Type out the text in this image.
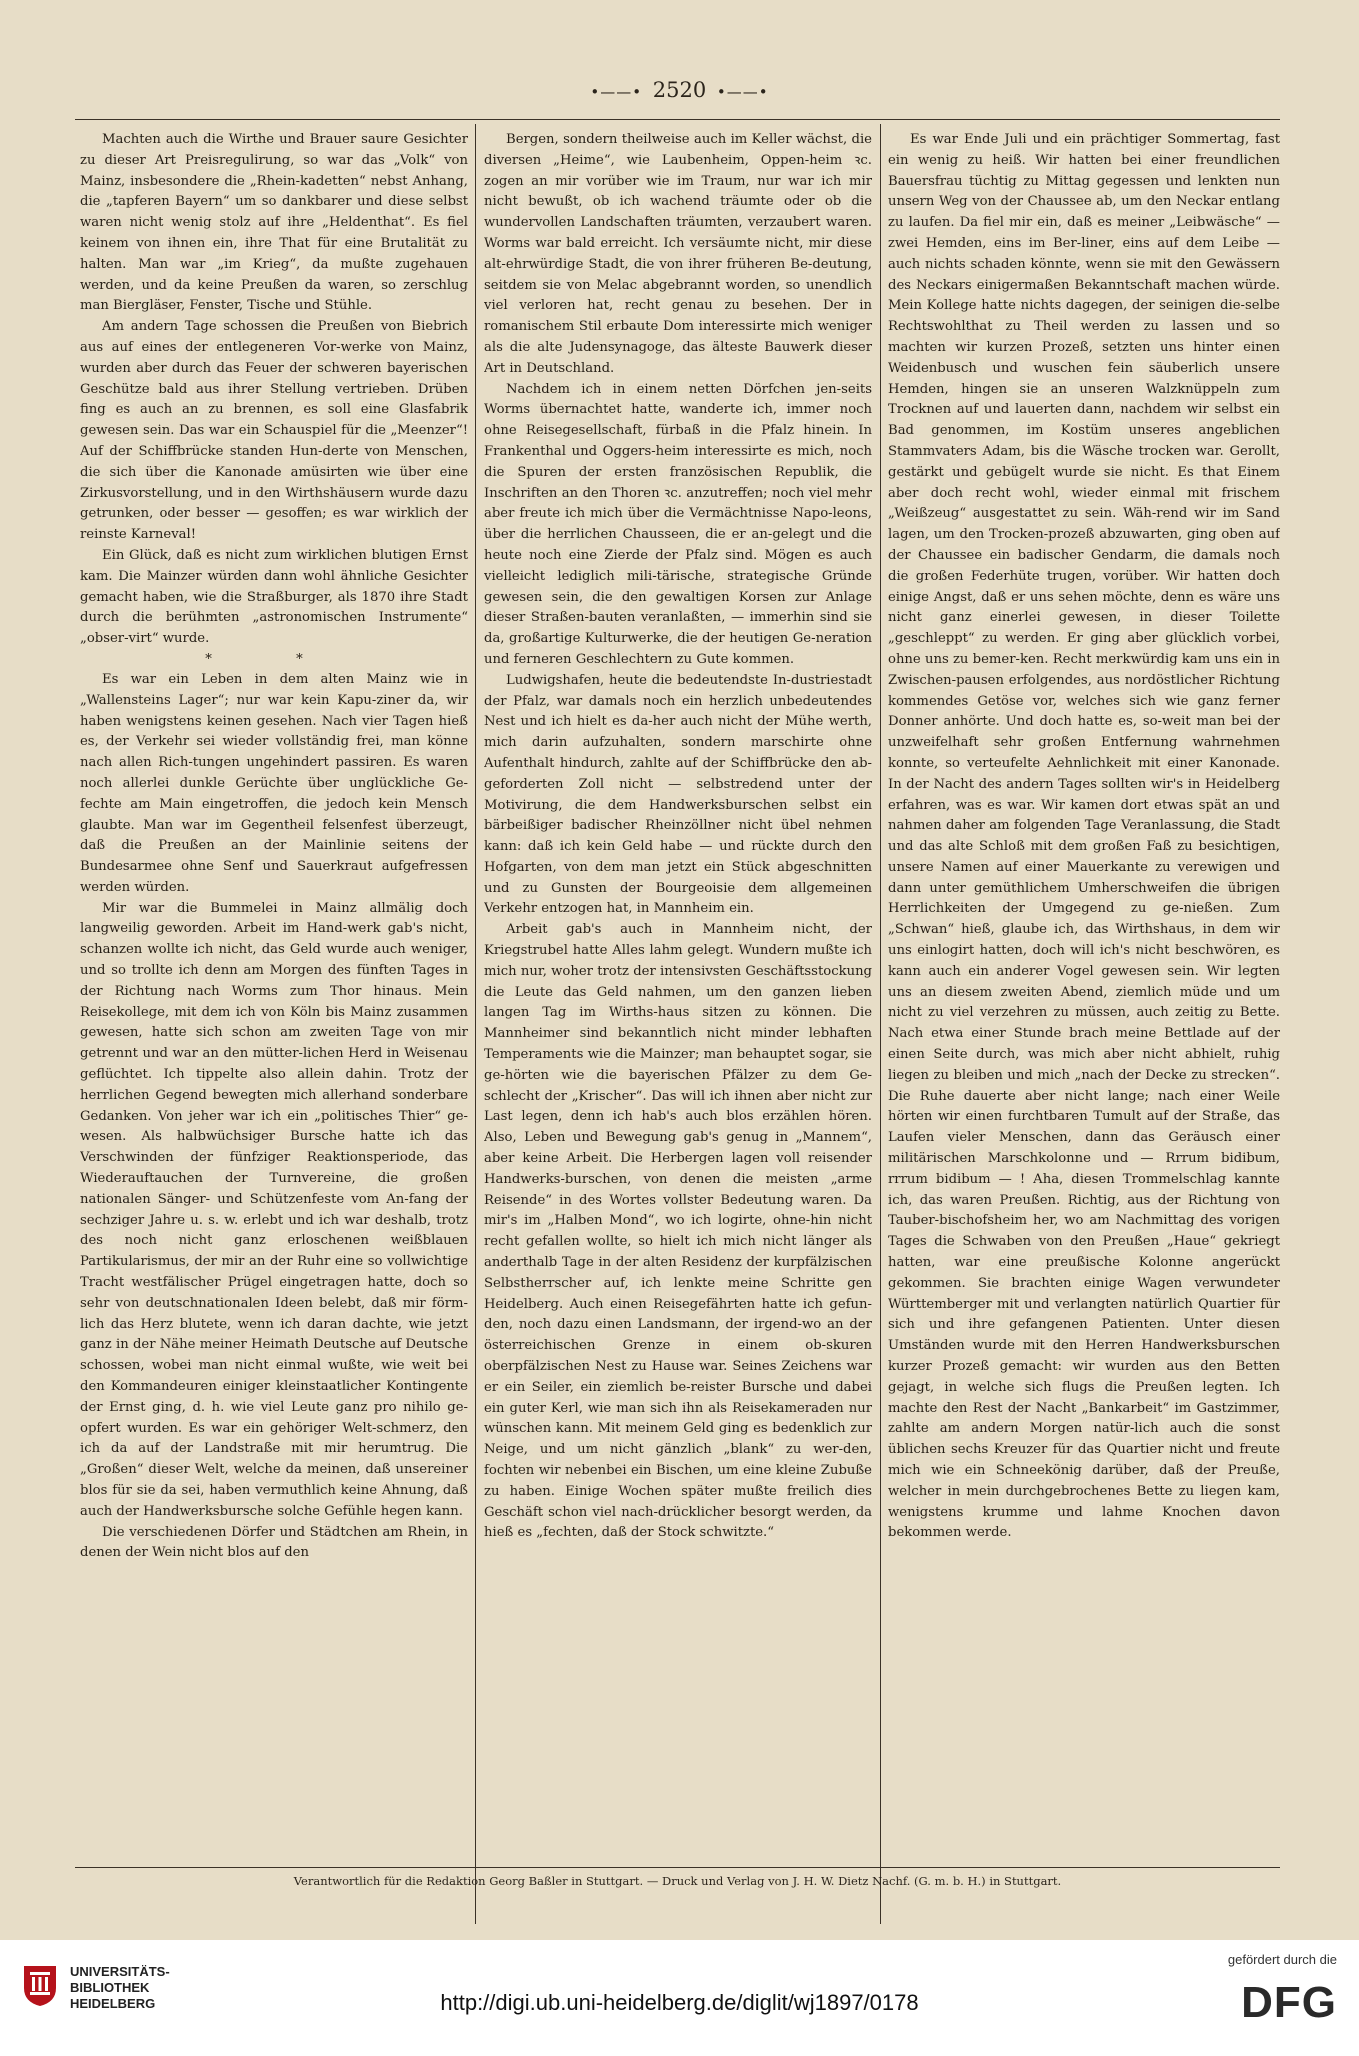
•——• 2520 •——•

Machten auch die Wirthe und Brauer saure Gesichter zu dieser Art Preisregulirung, so war das „Volk“ von Mainz, insbesondere die „Rhein-kadetten“ nebst Anhang, die „tapferen Bayern“ um so dankbarer und diese selbst waren nicht wenig stolz auf ihre „Heldenthat“. Es fiel keinem von ihnen ein, ihre That für eine Brutalität zu halten. Man war „im Krieg“, da mußte zugehauen werden, und da keine Preußen da waren, so zerschlug man Biergläser, Fenster, Tische und Stühle.

Am andern Tage schossen die Preußen von Biebrich aus auf eines der entlegeneren Vor-werke von Mainz, wurden aber durch das Feuer der schweren bayerischen Geschütze bald aus ihrer Stellung vertrieben. Drüben fing es auch an zu brennen, es soll eine Glasfabrik gewesen sein. Das war ein Schauspiel für die „Meenzer“! Auf der Schiffbrücke standen Hun-derte von Menschen, die sich über die Kanonade amüsirten wie über eine Zirkusvorstellung, und in den Wirthshäusern wurde dazu getrunken, oder besser — gesoffen; es war wirklich der reinste Karneval!

Ein Glück, daß es nicht zum wirklichen blutigen Ernst kam. Die Mainzer würden dann wohl ähnliche Gesichter gemacht haben, wie die Straßburger, als 1870 ihre Stadt durch die berühmten „astronomischen Instrumente“ „obser-virt“ wurde.

* *

Es war ein Leben in dem alten Mainz wie in „Wallensteins Lager“; nur war kein Kapu-ziner da, wir haben wenigstens keinen gesehen. Nach vier Tagen hieß es, der Verkehr sei wieder vollständig frei, man könne nach allen Rich-tungen ungehindert passiren. Es waren noch allerlei dunkle Gerüchte über unglückliche Ge-fechte am Main eingetroffen, die jedoch kein Mensch glaubte. Man war im Gegentheil felsenfest überzeugt, daß die Preußen an der Mainlinie seitens der Bundesarmee ohne Senf und Sauerkraut aufgefressen werden würden.

Mir war die Bummelei in Mainz allmälig doch langweilig geworden. Arbeit im Hand-werk gab's nicht, schanzen wollte ich nicht, das Geld wurde auch weniger, und so trollte ich denn am Morgen des fünften Tages in der Richtung nach Worms zum Thor hinaus. Mein Reisekollege, mit dem ich von Köln bis Mainz zusammen gewesen, hatte sich schon am zweiten Tage von mir getrennt und war an den mütter-lichen Herd in Weisenau geflüchtet. Ich tippelte also allein dahin. Trotz der herrlichen Gegend bewegten mich allerhand sonderbare Gedanken. Von jeher war ich ein „politisches Thier“ ge-wesen. Als halbwüchsiger Bursche hatte ich das Verschwinden der fünfziger Reaktionsperiode, das Wiederauftauchen der Turnvereine, die großen nationalen Sänger- und Schützenfeste vom An-fang der sechziger Jahre u. s. w. erlebt und ich war deshalb, trotz des noch nicht ganz erloschenen weißblauen Partikularismus, der mir an der Ruhr eine so vollwichtige Tracht westfälischer Prügel eingetragen hatte, doch so sehr von deutschnationalen Ideen belebt, daß mir förm-lich das Herz blutete, wenn ich daran dachte, wie jetzt ganz in der Nähe meiner Heimath Deutsche auf Deutsche schossen, wobei man nicht einmal wußte, wie weit bei den Kommandeuren einiger kleinstaatlicher Kontingente der Ernst ging, d. h. wie viel Leute ganz pro nihilo ge-opfert wurden. Es war ein gehöriger Welt-schmerz, den ich da auf der Landstraße mit mir herumtrug. Die „Großen“ dieser Welt, welche da meinen, daß unsereiner blos für sie da sei, haben vermuthlich keine Ahnung, daß auch der Handwerksbursche solche Gefühle hegen kann.

Die verschiedenen Dörfer und Städtchen am Rhein, in denen der Wein nicht blos auf den

Bergen, sondern theilweise auch im Keller wächst, die diversen „Heime“, wie Laubenheim, Oppen-heim ꝛc. zogen an mir vorüber wie im Traum, nur war ich mir nicht bewußt, ob ich wachend träumte oder ob die wundervollen Landschaften träumten, verzaubert waren. Worms war bald erreicht. Ich versäumte nicht, mir diese alt-ehrwürdige Stadt, die von ihrer früheren Be-deutung, seitdem sie von Melac abgebrannt worden, so unendlich viel verloren hat, recht genau zu besehen. Der in romanischem Stil erbaute Dom interessirte mich weniger als die alte Judensynagoge, das älteste Bauwerk dieser Art in Deutschland.

Nachdem ich in einem netten Dörfchen jen-seits Worms übernachtet hatte, wanderte ich, immer noch ohne Reisegesellschaft, fürbaß in die Pfalz hinein. In Frankenthal und Oggers-heim interessirte es mich, noch die Spuren der ersten französischen Republik, die Inschriften an den Thoren ꝛc. anzutreffen; noch viel mehr aber freute ich mich über die Vermächtnisse Napo-leons, über die herrlichen Chausseen, die er an-gelegt und die heute noch eine Zierde der Pfalz sind. Mögen es auch vielleicht lediglich mili-tärische, strategische Gründe gewesen sein, die den gewaltigen Korsen zur Anlage dieser Straßen-bauten veranlaßten, — immerhin sind sie da, großartige Kulturwerke, die der heutigen Ge-neration und ferneren Geschlechtern zu Gute kommen.

Ludwigshafen, heute die bedeutendste In-dustriestadt der Pfalz, war damals noch ein herzlich unbedeutendes Nest und ich hielt es da-her auch nicht der Mühe werth, mich darin aufzuhalten, sondern marschirte ohne Aufenthalt hindurch, zahlte auf der Schiffbrücke den ab-geforderten Zoll nicht — selbstredend unter der Motivirung, die dem Handwerksburschen selbst ein bärbeißiger badischer Rheinzöllner nicht übel nehmen kann: daß ich kein Geld habe — und rückte durch den Hofgarten, von dem man jetzt ein Stück abgeschnitten und zu Gunsten der Bourgeoisie dem allgemeinen Verkehr entzogen hat, in Mannheim ein.

Arbeit gab's auch in Mannheim nicht, der Kriegstrubel hatte Alles lahm gelegt. Wundern mußte ich mich nur, woher trotz der intensivsten Geschäftsstockung die Leute das Geld nahmen, um den ganzen lieben langen Tag im Wirths-haus sitzen zu können. Die Mannheimer sind bekanntlich nicht minder lebhaften Temperaments wie die Mainzer; man behauptet sogar, sie ge-hörten wie die bayerischen Pfälzer zu dem Ge-schlecht der „Krischer“. Das will ich ihnen aber nicht zur Last legen, denn ich hab's auch blos erzählen hören. Also, Leben und Bewegung gab's genug in „Mannem“, aber keine Arbeit. Die Herbergen lagen voll reisender Handwerks-burschen, von denen die meisten „arme Reisende“ in des Wortes vollster Bedeutung waren. Da mir's im „Halben Mond“, wo ich logirte, ohne-hin nicht recht gefallen wollte, so hielt ich mich nicht länger als anderthalb Tage in der alten Residenz der kurpfälzischen Selbstherrscher auf, ich lenkte meine Schritte gen Heidelberg. Auch einen Reisegefährten hatte ich gefun-den, noch dazu einen Landsmann, der irgend-wo an der österreichischen Grenze in einem ob-skuren oberpfälzischen Nest zu Hause war. Seines Zeichens war er ein Seiler, ein ziemlich be-reister Bursche und dabei ein guter Kerl, wie man sich ihn als Reisekameraden nur wünschen kann. Mit meinem Geld ging es bedenklich zur Neige, und um nicht gänzlich „blank“ zu wer-den, fochten wir nebenbei ein Bischen, um eine kleine Zubuße zu haben. Einige Wochen später mußte freilich dies Geschäft schon viel nach-drücklicher besorgt werden, da hieß es „fechten, daß der Stock schwitzte.“

Es war Ende Juli und ein prächtiger Sommertag, fast ein wenig zu heiß. Wir hatten bei einer freundlichen Bauersfrau tüchtig zu Mittag gegessen und lenkten nun unsern Weg von der Chaussee ab, um den Neckar entlang zu laufen. Da fiel mir ein, daß es meiner „Leibwäsche“ — zwei Hemden, eins im Ber-liner, eins auf dem Leibe — auch nichts schaden könnte, wenn sie mit den Gewässern des Neckars einigermaßen Bekanntschaft machen würde. Mein Kollege hatte nichts dagegen, der seinigen die-selbe Rechtswohlthat zu Theil werden zu lassen und so machten wir kurzen Prozeß, setzten uns hinter einen Weidenbusch und wuschen fein säuberlich unsere Hemden, hingen sie an unseren Walzknüppeln zum Trocknen auf und lauerten dann, nachdem wir selbst ein Bad genommen, im Kostüm unseres angeblichen Stammvaters Adam, bis die Wäsche trocken war. Gerollt, gestärkt und gebügelt wurde sie nicht. Es that Einem aber doch recht wohl, wieder einmal mit frischem „Weißzeug“ ausgestattet zu sein. Wäh-rend wir im Sand lagen, um den Trocken-prozeß abzuwarten, ging oben auf der Chaussee ein badischer Gendarm, die damals noch die großen Federhüte trugen, vorüber. Wir hatten doch einige Angst, daß er uns sehen möchte, denn es wäre uns nicht ganz einerlei gewesen, in dieser Toilette „geschleppt“ zu werden. Er ging aber glücklich vorbei, ohne uns zu bemer-ken. Recht merkwürdig kam uns ein in Zwischen-pausen erfolgendes, aus nordöstlicher Richtung kommendes Getöse vor, welches sich wie ganz ferner Donner anhörte. Und doch hatte es, so-weit man bei der unzweifelhaft sehr großen Entfernung wahrnehmen konnte, so verteufelte Aehnlichkeit mit einer Kanonade. In der Nacht des andern Tages sollten wir's in Heidelberg erfahren, was es war. Wir kamen dort etwas spät an und nahmen daher am folgenden Tage Veranlassung, die Stadt und das alte Schloß mit dem großen Faß zu besichtigen, unsere Namen auf einer Mauerkante zu verewigen und dann unter gemüthlichem Umherschweifen die übrigen Herrlichkeiten der Umgegend zu ge-nießen. Zum „Schwan“ hieß, glaube ich, das Wirthshaus, in dem wir uns einlogirt hatten, doch will ich's nicht beschwören, es kann auch ein anderer Vogel gewesen sein. Wir legten uns an diesem zweiten Abend, ziemlich müde und um nicht zu viel verzehren zu müssen, auch zeitig zu Bette. Nach etwa einer Stunde brach meine Bettlade auf der einen Seite durch, was mich aber nicht abhielt, ruhig liegen zu bleiben und mich „nach der Decke zu strecken“. Die Ruhe dauerte aber nicht lange; nach einer Weile hörten wir einen furchtbaren Tumult auf der Straße, das Laufen vieler Menschen, dann das Geräusch einer militärischen Marschkolonne und — Rrrum bidibum, rrrum bidibum — ! Aha, diesen Trommelschlag kannte ich, das waren Preußen. Richtig, aus der Richtung von Tauber-bischofsheim her, wo am Nachmittag des vorigen Tages die Schwaben von den Preußen „Haue“ gekriegt hatten, war eine preußische Kolonne angerückt gekommen. Sie brachten einige Wagen verwundeter Württemberger mit und verlangten natürlich Quartier für sich und ihre gefangenen Patienten. Unter diesen Umständen wurde mit den Herren Handwerksburschen kurzer Prozeß gemacht: wir wurden aus den Betten gejagt, in welche sich flugs die Preußen legten. Ich machte den Rest der Nacht „Bankarbeit“ im Gastzimmer, zahlte am andern Morgen natür-lich auch die sonst üblichen sechs Kreuzer für das Quartier nicht und freute mich wie ein Schneekönig darüber, daß der Preuße, welcher in mein durchgebrochenes Bette zu liegen kam, wenigstens krumme und lahme Knochen davon bekommen werde.

Verantwortlich für die Redaktion Georg Baßler in Stuttgart. — Druck und Verlag von J. H. W. Dietz Nachf. (G. m. b. H.) in Stuttgart.
UNIVERSITÄTS-
BIBLIOTHEK
HEIDELBERG	http://digi.ub.uni-heidelberg.de/diglit/wj1897/0178
gefördert durch die
DFG
